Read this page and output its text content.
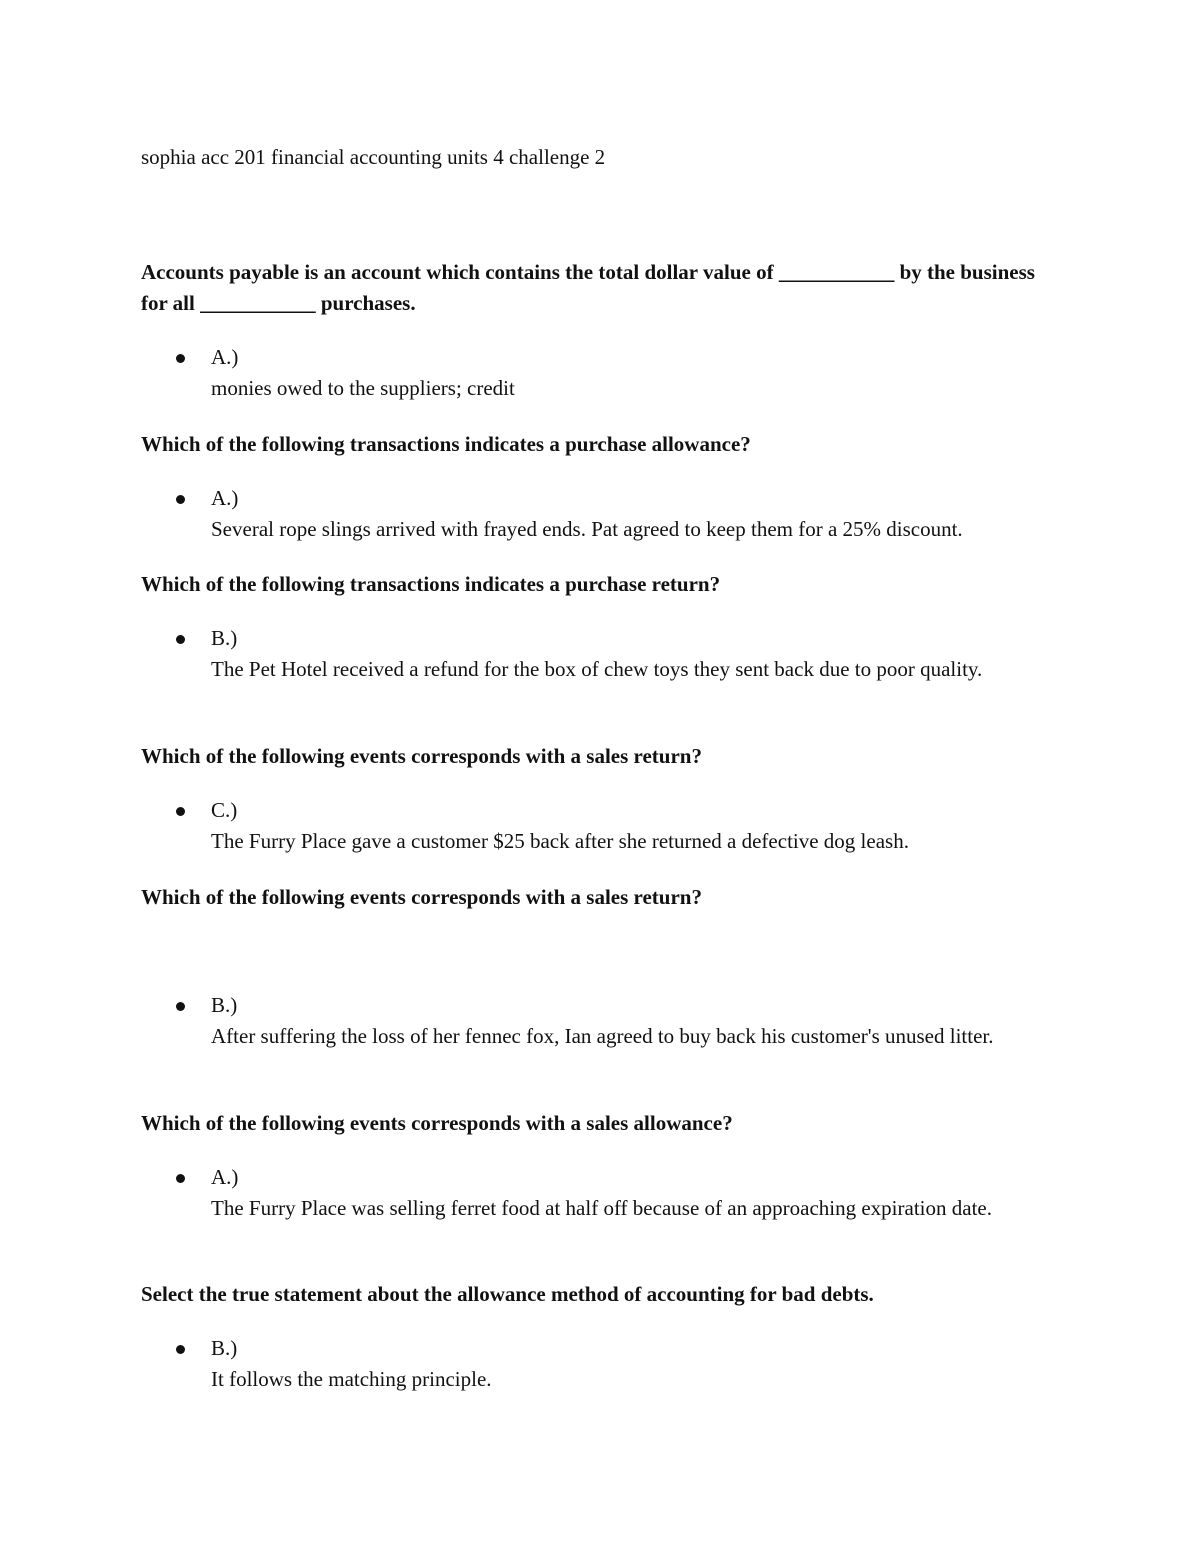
sophia acc 201 financial accounting units 4 challenge 2

Accounts payable is an account which contains the total dollar value of ___________ by the business for all ___________ purchases.

A.)
monies owed to the suppliers; credit

Which of the following transactions indicates a purchase allowance?

A.)
Several rope slings arrived with frayed ends. Pat agreed to keep them for a 25% discount.

Which of the following transactions indicates a purchase return?

B.)
The Pet Hotel received a refund for the box of chew toys they sent back due to poor quality.

Which of the following events corresponds with a sales return?

C.)
The Furry Place gave a customer $25 back after she returned a defective dog leash.

Which of the following events corresponds with a sales return?

B.)
After suffering the loss of her fennec fox, Ian agreed to buy back his customer's unused litter.

Which of the following events corresponds with a sales allowance?

A.)
The Furry Place was selling ferret food at half off because of an approaching expiration date.

Select the true statement about the allowance method of accounting for bad debts.

B.)
It follows the matching principle.
